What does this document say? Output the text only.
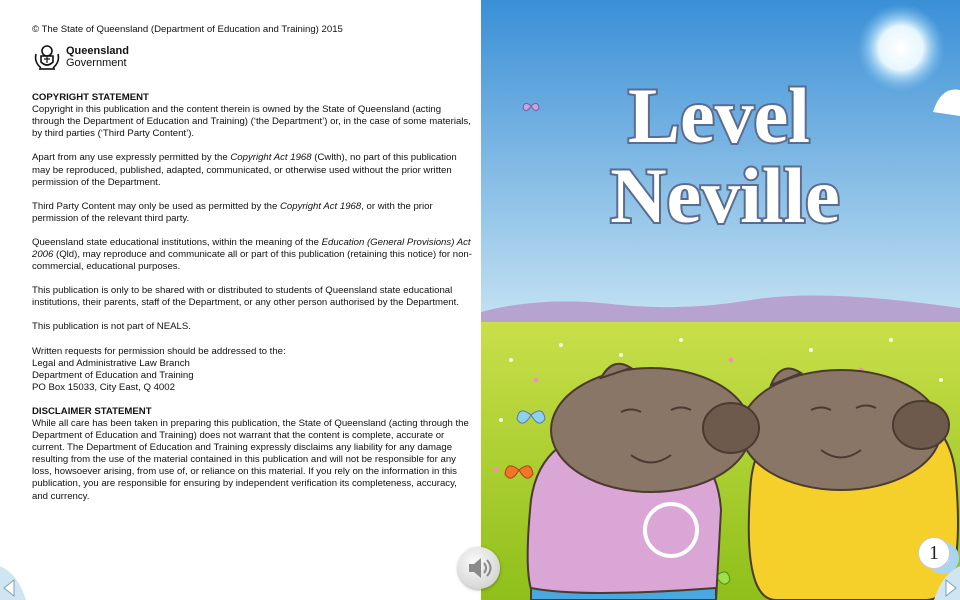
© The State of Queensland (Department of Education and Training) 2015

Queensland
Government
COPYRIGHT STATEMENT

Copyright in this publication and the content therein is owned by the State of Queensland (acting through the Department of Education and Training) (‘the Department’) or, in the case of some materials, by third parties (‘Third Party Content’).

Apart from any use expressly permitted by the Copyright Act 1968 (Cwlth), no part of this publication may be reproduced, published, adapted, communicated, or otherwise used without the prior written permission of the Department.

Third Party Content may only be used as permitted by the Copyright Act 1968, or with the prior permission of the relevant third party.

Queensland state educational institutions, within the meaning of the Education (General Provisions) Act 2006 (Qld), may reproduce and communicate all or part of this publication (retaining this notice) for non-commercial, educational purposes.

This publication is only to be shared with or distributed to students of Queensland state educational institutions, their parents, staff of the Department, or any other person authorised by the Department.

This publication is not part of NEALS.

Written requests for permission should be addressed to the:
Legal and Administrative Law Branch
Department of Education and Training
PO Box 15033, City East, Q 4002

DISCLAIMER STATEMENT

While all care has been taken in preparing this publication, the State of Queensland (acting through the Department of Education and Training) does not warrant that the content is complete, accurate or current. The Department of Education and Training expressly disclaims any liability for any damage resulting from the use of the material contained in this publication and will not be responsible for any loss, howsoever arising, from use of, or reliance on this material. If you rely on the information in this publication, you are responsible for ensuring by independent verification its completeness, accuracy, and currency.

Level
Neville
1
